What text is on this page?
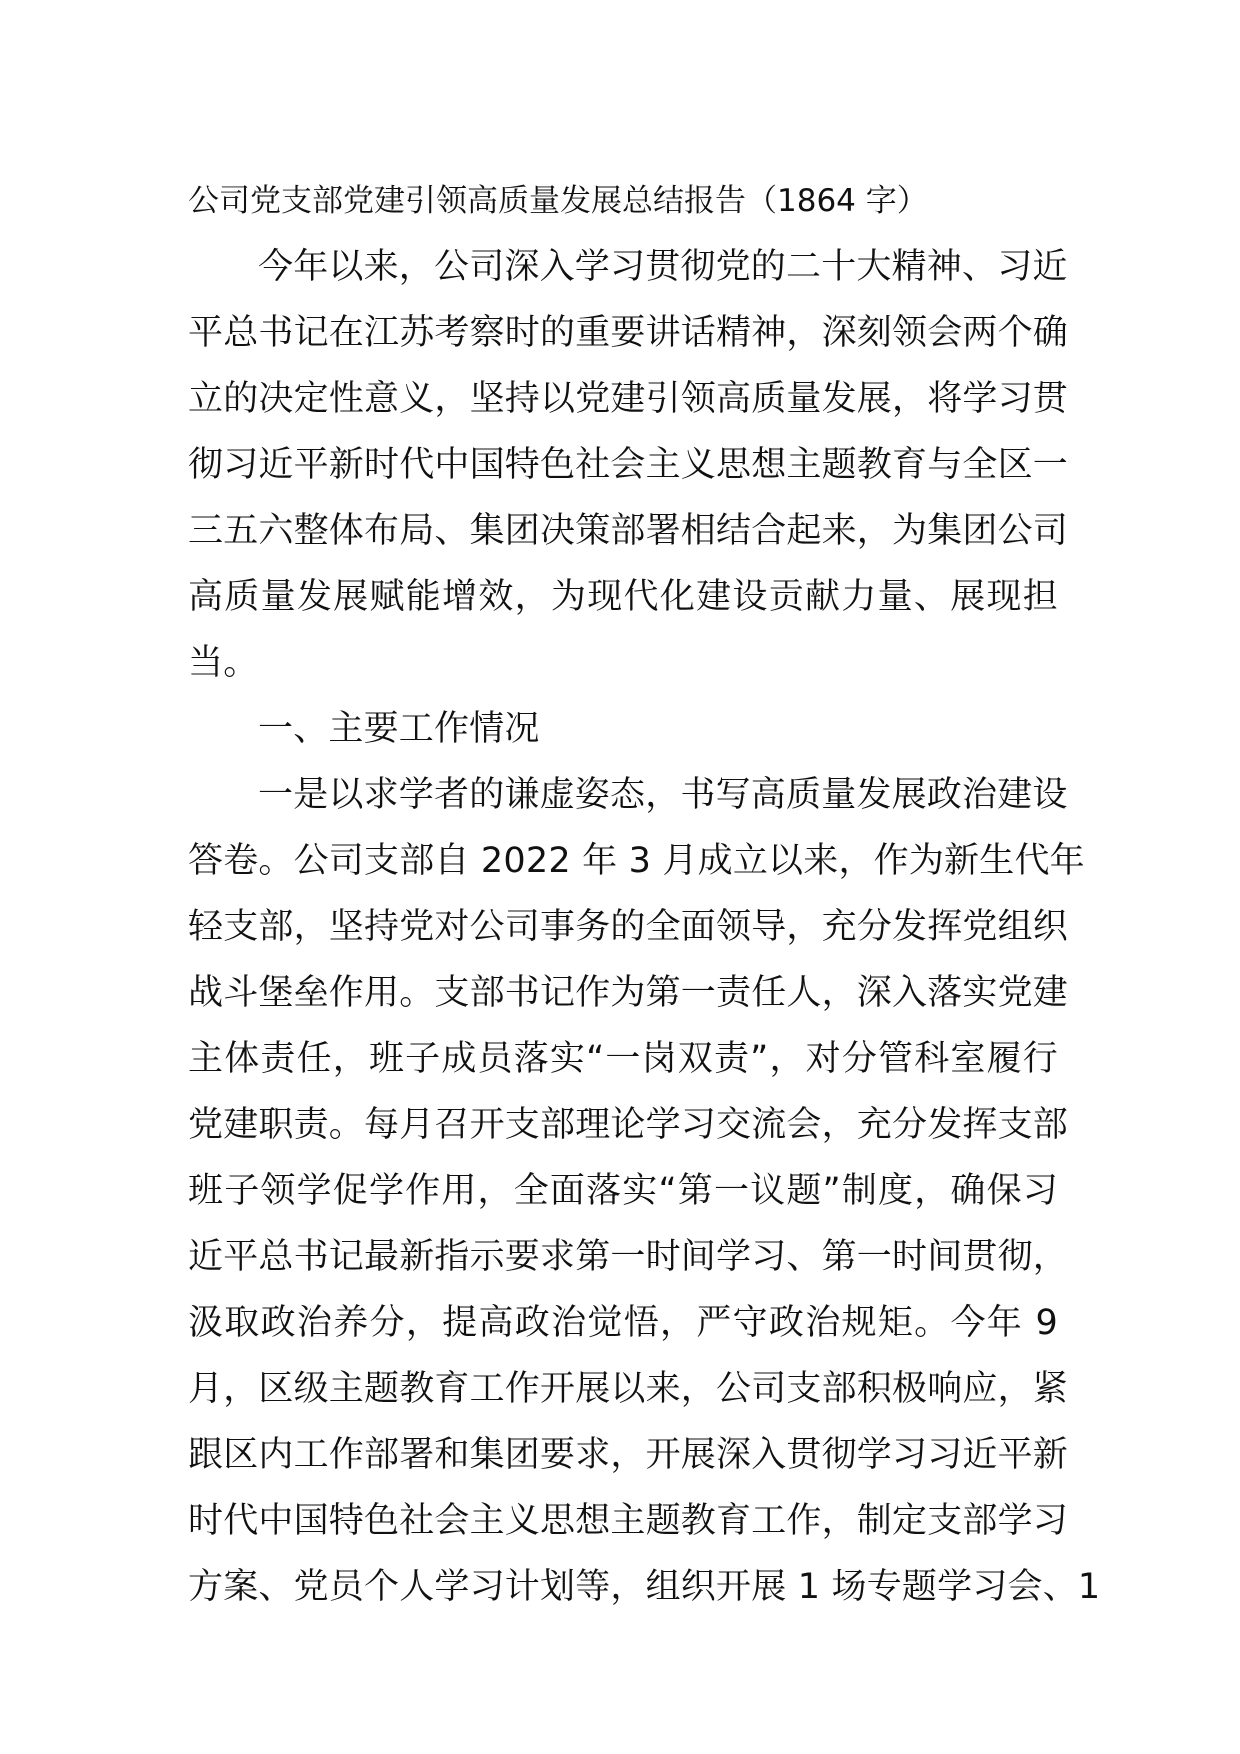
公司党支部党建引领高质量发展总结报告（1864 字）

今年以来，公司深入学习贯彻党的二十大精神、习近

平总书记在江苏考察时的重要讲话精神，深刻领会两个确

立的决定性意义，坚持以党建引领高质量发展，将学习贯

彻习近平新时代中国特色社会主义思想主题教育与全区一

三五六整体布局、集团决策部署相结合起来，为集团公司

高质量发展赋能增效，为现代化建设贡献力量、展现担

当。

一、主要工作情况

一是以求学者的谦虚姿态，书写高质量发展政治建设

答卷。公司支部自 2022 年 3 月成立以来，作为新生代年

轻支部，坚持党对公司事务的全面领导，充分发挥党组织

战斗堡垒作用。支部书记作为第一责任人，深入落实党建

主体责任，班子成员落实“一岗双责”，对分管科室履行

党建职责。每月召开支部理论学习交流会，充分发挥支部

班子领学促学作用，全面落实“第一议题”制度，确保习

近平总书记最新指示要求第一时间学习、第一时间贯彻，

汲取政治养分，提高政治觉悟，严守政治规矩。今年 9

月，区级主题教育工作开展以来，公司支部积极响应，紧

跟区内工作部署和集团要求，开展深入贯彻学习习近平新

时代中国特色社会主义思想主题教育工作，制定支部学习

方案、党员个人学习计划等，组织开展 1 场专题学习会、1
